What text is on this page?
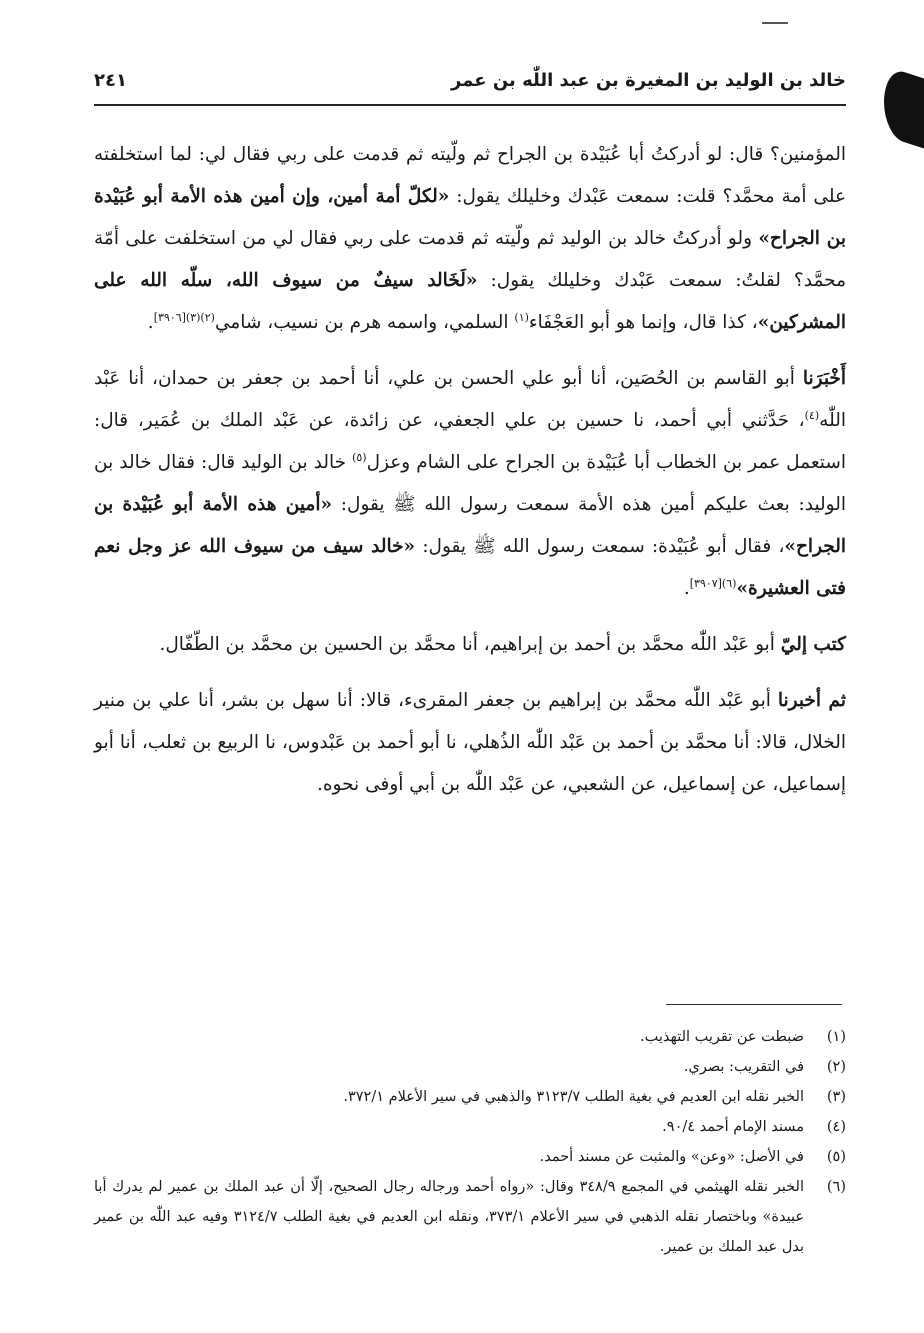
خالد بن الوليد بن المغيرة بن عبد اللّٰه بن عمر
٢٤١

المؤمنين؟ قال: لو أدركتُ أبا عُبَيْدة بن الجراح ثم ولّيته ثم قدمت على ربي فقال لي: لما استخلفته على أمة محمَّد؟ قلت: سمعت عَبْدك وخليلك يقول: «لكلّ أمة أمين، وإن أمين هذه الأمة أبو عُبَيْدة بن الجراح» ولو أدركتُ خالد بن الوليد ثم ولّيته ثم قدمت على ربي فقال لي من استخلفت على أمّة محمَّد؟ لقلتُ: سمعت عَبْدك وخليلك يقول: «لَخَالد سيفٌ من سيوف الله، سلّه الله على المشركين»، كذا قال، وإنما هو أبو العَجْفَاء$^{(١)}$ السلمي، واسمه هرم بن نسيب، شامي$^{(٢)(٣)[٣٩٠٦]}$.

أَخْبَرَنا أبو القاسم بن الحُصَين، أنا أبو علي الحسن بن علي، أنا أحمد بن جعفر بن حمدان، أنا عَبْد اللّٰه$^{(٤)}$، حَدَّثني أبي أحمد، نا حسين بن علي الجعفي، عن زائدة، عن عَبْد الملك بن عُمَير، قال: استعمل عمر بن الخطاب أبا عُبَيْدة بن الجراح على الشام وعزل$^{(٥)}$ خالد بن الوليد قال: فقال خالد بن الوليد: بعث عليكم أمين هذه الأمة سمعت رسول الله ﷺ يقول: «أمين هذه الأمة أبو عُبَيْدة بن الجراح»، فقال أبو عُبَيْدة: سمعت رسول الله ﷺ يقول: «خالد سيف من سيوف الله عز وجل نعم فتى العشيرة»$^{(٦)[٣٩٠٧]}$.

كتب إليّ أبو عَبْد اللّٰه محمَّد بن أحمد بن إبراهيم، أنا محمَّد بن الحسين بن محمَّد بن الطّفّال.

ثم أخبرنا أبو عَبْد اللّٰه محمَّد بن إبراهيم بن جعفر المقرىء، قالا: أنا سهل بن بشر، أنا علي بن منير الخلال، قالا: أنا محمَّد بن أحمد بن عَبْد اللّٰه الذُهلي، نا أبو أحمد بن عَبْدوس، نا الربيع بن ثعلب، أنا أبو إسماعيل، عن إسماعيل، عن الشعبي، عن عَبْد اللّٰه بن أبي أوفى نحوه.

(١)
ضبطت عن تقريب التهذيب.
(٢)
في التقريب: بصري.
(٣)
الخبر نقله ابن العديم في بغية الطلب ٣١٢٣/٧ والذهبي في سير الأعلام ٣٧٢/١.
(٤)
مسند الإمام أحمد ٩٠/٤.
(٥)
في الأصل: «وعن» والمثبت عن مسند أحمد.
(٦)
الخبر نقله الهيثمي في المجمع ٣٤٨/٩ وقال: «رواه أحمد ورجاله رجال الصحيح، إلّا أن عبد الملك بن عمير لم يدرك أبا عبيدة» وباختصار نقله الذهبي في سير الأعلام ٣٧٣/١، ونقله ابن العديم في بغية الطلب ٣١٢٤/٧ وفيه عبد اللّٰه بن عمير بدل عبد الملك بن عمير.
